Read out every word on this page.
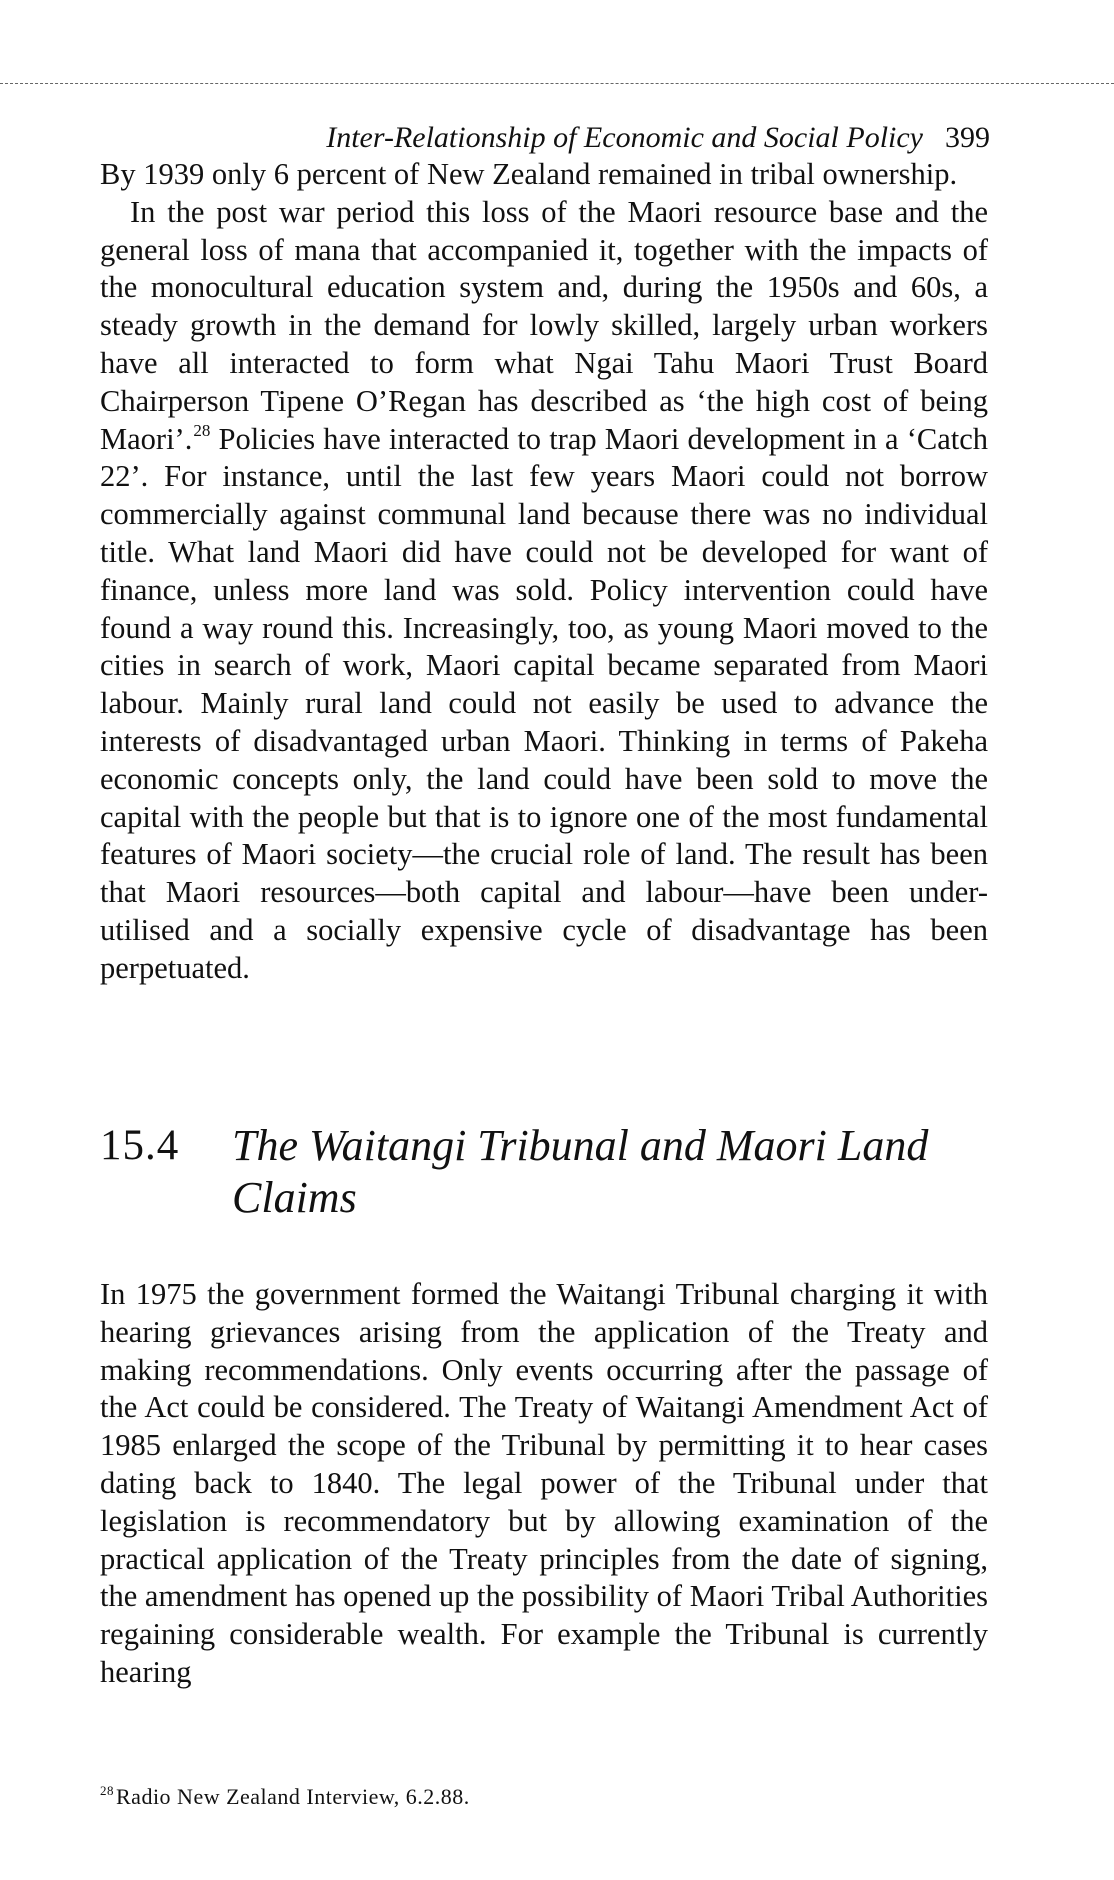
Inter-Relationship of Economic and Social Policy 399

By 1939 only 6 percent of New Zealand remained in tribal ownership.

In the post war period this loss of the Maori resource base and the general loss of mana that accompanied it, together with the impacts of the monocultural education system and, during the 1950s and 60s, a steady growth in the demand for lowly skilled, largely urban workers have all interacted to form what Ngai Tahu Maori Trust Board Chairperson Tipene O’Regan has described as ‘the high cost of being Maori’.$^{28}$ Policies have interacted to trap Maori development in a ‘Catch 22’. For instance, until the last few years Maori could not borrow commercially against communal land because there was no individual title. What land Maori did have could not be developed for want of finance, unless more land was sold. Policy intervention could have found a way round this. Increasingly, too, as young Maori moved to the cities in search of work, Maori capital became separated from Maori labour. Mainly rural land could not easily be used to advance the interests of disadvantaged urban Maori. Thinking in terms of Pakeha economic concepts only, the land could have been sold to move the capital with the people but that is to ignore one of the most fundamental features of Maori society—the crucial role of land. The result has been that Maori resources—both capital and labour—have been under-utilised and a socially expensive cycle of disadvantage has been perpetuated.

15.4 The Waitangi Tribunal and Maori Land Claims

In 1975 the government formed the Waitangi Tribunal charging it with hearing grievances arising from the application of the Treaty and making recommendations. Only events occurring after the passage of the Act could be considered. The Treaty of Waitangi Amendment Act of 1985 enlarged the scope of the Tribunal by permitting it to hear cases dating back to 1840. The legal power of the Tribunal under that legislation is recommendatory but by allowing examination of the practical application of the Treaty principles from the date of signing, the amendment has opened up the possibility of Maori Tribal Authorities regaining considerable wealth. For example the Tribunal is currently hearing

$^{28}$Radio New Zealand Interview, 6.2.88.
